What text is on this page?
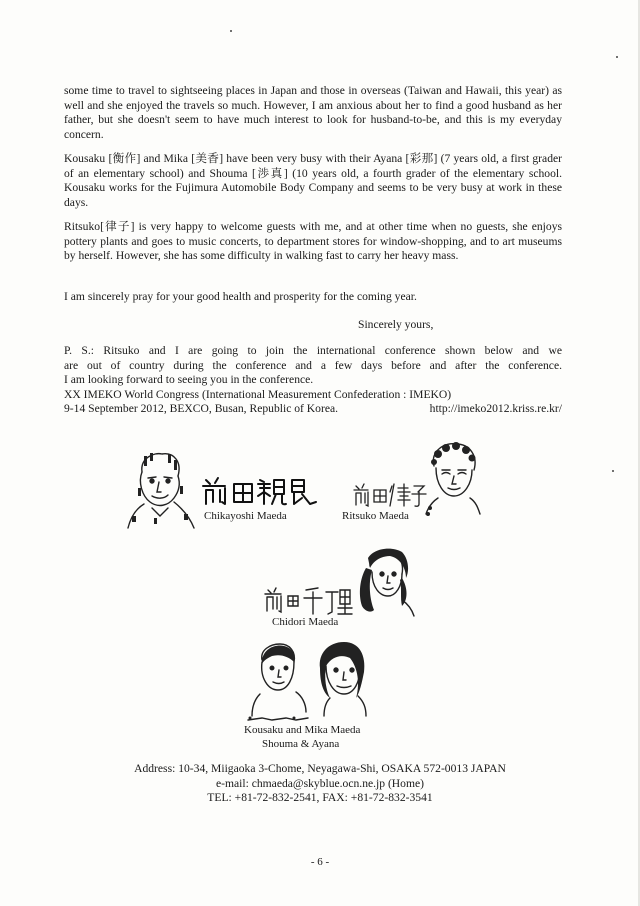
some time to travel to sightseeing places in Japan and those in overseas (Taiwan and Hawaii, this year) as well and she enjoyed the travels so much. However, I am anxious about her to find a good husband as her father, but she doesn't seem to have much interest to look for husband-to-be, and this is my everyday concern.

Kousaku [衡作] and Mika [美香] have been very busy with their Ayana [彩那] (7 years old, a first grader of an elementary school) and Shouma [渉真] (10 years old, a fourth grader of the elementary school. Kousaku works for the Fujimura Automobile Body Company and seems to be very busy at work in these days.

Ritsuko[律子] is very happy to welcome guests with me, and at other time when no guests, she enjoys pottery plants and goes to music concerts, to department stores for window-shopping, and to art museums by herself. However, she has some difficulty in walking fast to carry her heavy mass.

I am sincerely pray for your good health and prosperity for the coming year.

Sincerely yours,
P. S.: Ritsuko and I are going to join the international conference shown below and we
are out of country during the conference and a few days before and after the conference.
I am looking forward to seeing you in the conference.
XX IMEKO World Congress (International Measurement Confederation : IMEKO)
9-14 September 2012, BEXCO, Busan, Republic of Korea.	http://imeko2012.kriss.re.kr/
Chikayoshi Maeda	Ritsuko Maeda
Chidori Maeda
Kousaku and Mika Maeda
Shouma & Ayana
Address: 10-34, Miigaoka 3-Chome, Neyagawa-Shi, OSAKA 572-0013 JAPAN
e-mail: chmaeda@skyblue.ocn.ne.jp (Home)
TEL: +81-72-832-2541, FAX: +81-72-832-3541
- 6 -
